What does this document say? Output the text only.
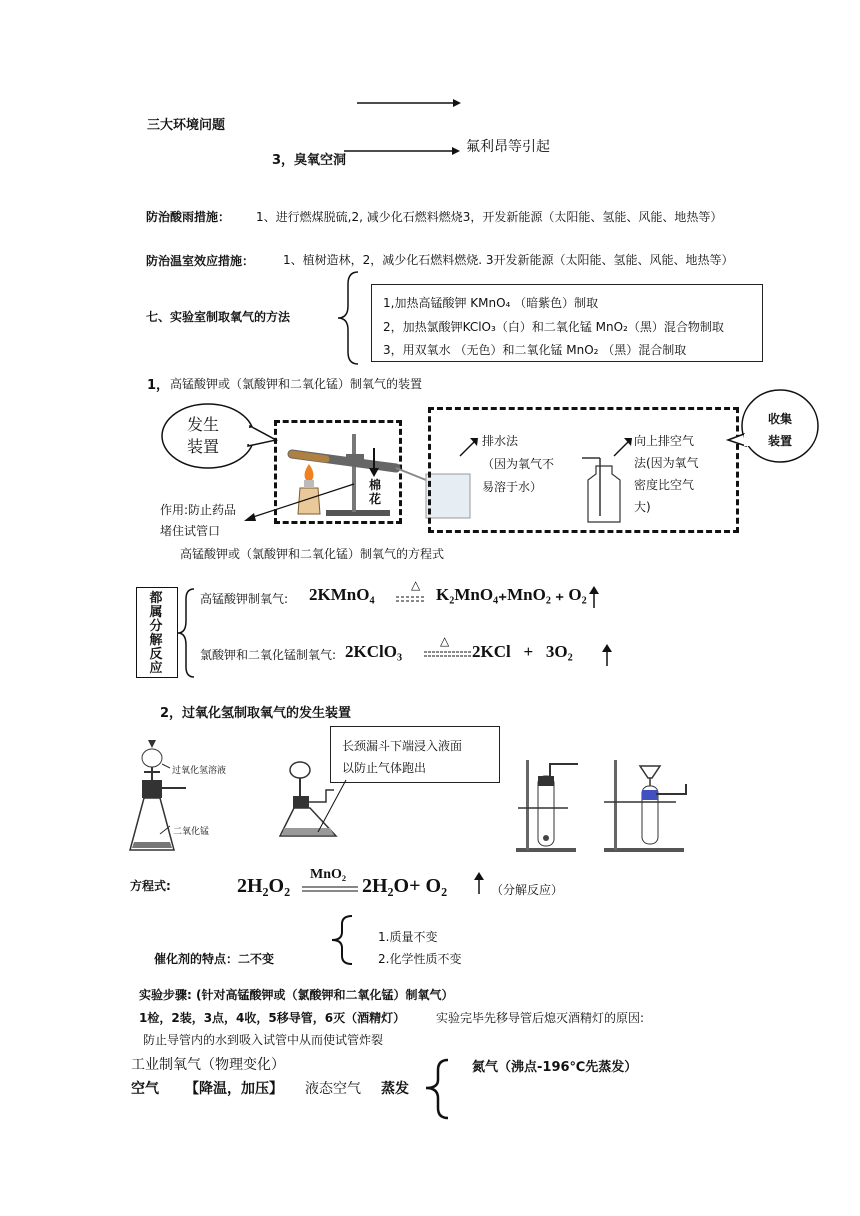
三大环境问题
3，臭氧空洞
氟利昂等引起
防治酸雨措施： 1、进行燃煤脱硫,2, 减少化石燃料燃烧3，开发新能源（太阳能、氢能、风能、地热等）
防治温室效应措施： 1、植树造林，2，减少化石燃料燃烧. 3开发新能源（太阳能、氢能、风能、地热等）
七、实验室制取氧气的方法
1,加热高锰酸钾 KMnO₄ （暗紫色）制取
2，加热氯酸钾KClO₃（白）和二氧化锰 MnO₂（黑）混合物制取
3，用双氧水 （无色）和二氧化锰 MnO₂ （黑）混合制取
1， 高锰酸钾或（氯酸钾和二氧化锰）制氧气的装置
发生
装置
棉
花
作用:防止药品
堵住试管口
高锰酸钾或（氯酸钾和二氧化锰）制氧气的方程式
排水法
（因为氧气不
易溶于水）
向上排空气
法(因为氧气
密度比空气
大)
收集
装置
都
属
分
解
反
应
高锰酸钾制氧气: 2KMnO₄	△ K₂MnO₄₊MnO₂ ₊ O₂
氯酸钾和二氧化锰制氧气: 2KClO₃
△
2KCl   +   3O₂
2，过氧化氢制取氧气的发生装置
过氧化氢溶液
二氧化锰
长颈漏斗下端浸入液面
以防止气体跑出
方程式:	2H₂O₂
MnO₂
2H₂O+ O₂	（分解反应）
催化剂的特点：二不变
1.质量不变
2.化学性质不变
实验步骤: (针对高锰酸钾或（氯酸钾和二氧化锰）制氧气）
1检，2装，3点，4收，5移导管，6灭（酒精灯）	实验完毕先移导管后熄灭酒精灯的原因:
防止导管内的水到吸入试管中从而使试管炸裂
工业制氧气（物理变化）
空气 【降温，加压】 液态空气 蒸发
氮气（沸点-196℃先蒸发）
